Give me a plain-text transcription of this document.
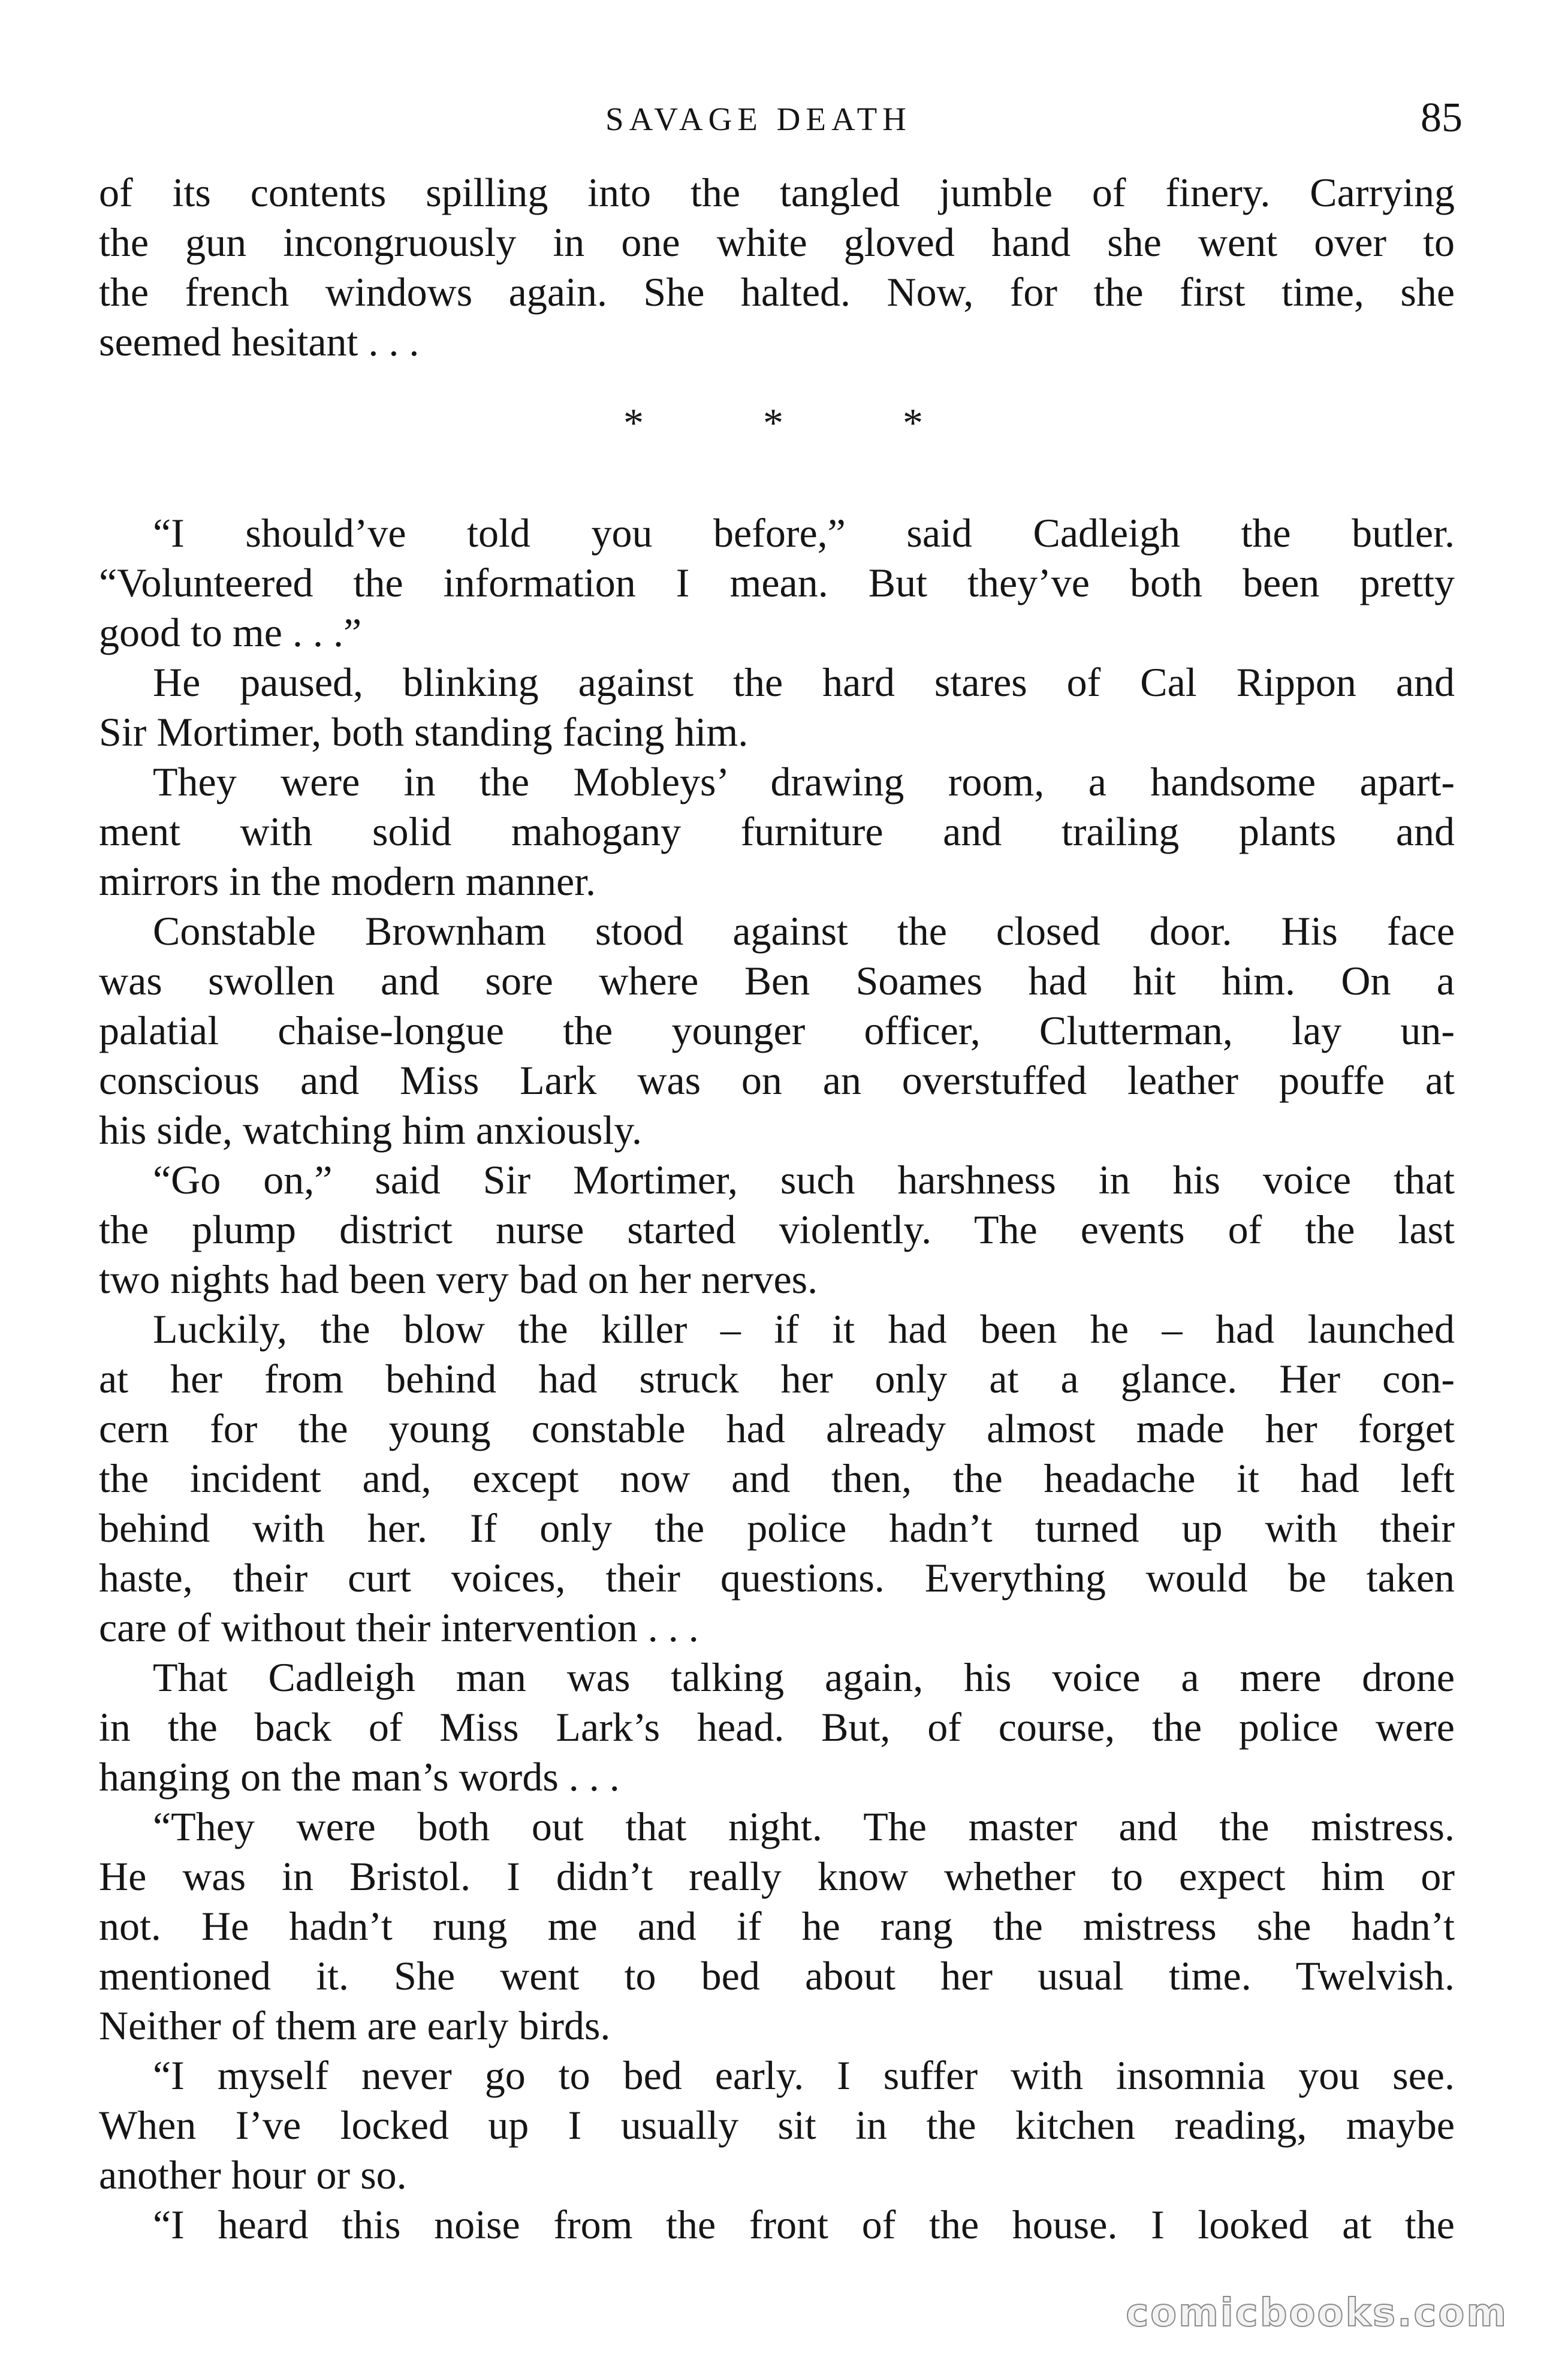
SAVAGE DEATH	85
of its contents spilling into the tangled jumble of finery. Carrying
the gun incongruously in one white gloved hand she went over to
the french windows again. She halted. Now, for the first time, she
seemed hesitant . . .
*	*	*
“I should’ve told you before,” said Cadleigh the butler.
“Volunteered the information I mean. But they’ve both been pretty
good to me . . .”
He paused, blinking against the hard stares of Cal Rippon and
Sir Mortimer, both standing facing him.
They were in the Mobleys’ drawing room, a handsome apart-
ment with solid mahogany furniture and trailing plants and
mirrors in the modern manner.
Constable Brownham stood against the closed door. His face
was swollen and sore where Ben Soames had hit him. On a
palatial chaise-longue the younger officer, Clutterman, lay un-
conscious and Miss Lark was on an overstuffed leather pouffe at
his side, watching him anxiously.
“Go on,” said Sir Mortimer, such harshness in his voice that
the plump district nurse started violently. The events of the last
two nights had been very bad on her nerves.
Luckily, the blow the killer – if it had been he – had launched
at her from behind had struck her only at a glance. Her con-
cern for the young constable had already almost made her forget
the incident and, except now and then, the headache it had left
behind with her. If only the police hadn’t turned up with their
haste, their curt voices, their questions. Everything would be taken
care of without their intervention . . .
That Cadleigh man was talking again, his voice a mere drone
in the back of Miss Lark’s head. But, of course, the police were
hanging on the man’s words . . .
“They were both out that night. The master and the mistress.
He was in Bristol. I didn’t really know whether to expect him or
not. He hadn’t rung me and if he rang the mistress she hadn’t
mentioned it. She went to bed about her usual time. Twelvish.
Neither of them are early birds.
“I myself never go to bed early. I suffer with insomnia you see.
When I’ve locked up I usually sit in the kitchen reading, maybe
another hour or so.
“I heard this noise from the front of the house. I looked at the
comicbooks.com
